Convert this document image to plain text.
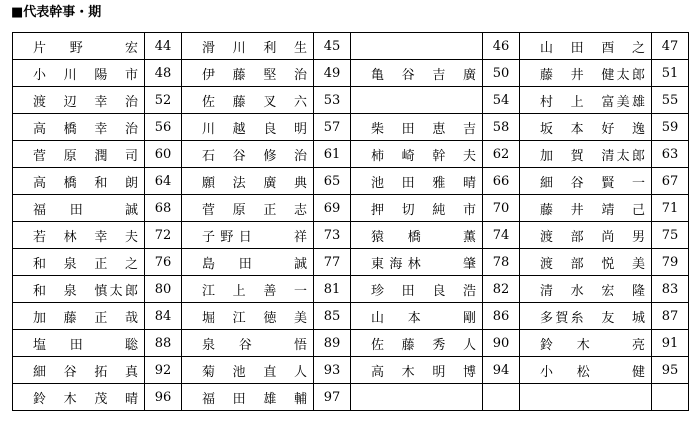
■代表幹事・期
片　野　　宏	44	滑　川　利　生	45		46	山　田　酉　之	47

小　川　陽　市	48	伊　藤　堅　治	49	亀　谷　吉　廣	50	藤　井　健太郎	51

渡　辺　幸　治	52	佐　藤　叉　六	53		54	村　上　富美雄	55

高　橋　幸　治	56	川　越　良　明	57	柴　田　恵　吉	58	坂　本　好　逸	59

菅　原　潤　司	60	石　谷　修　治	61	柿　崎　幹　夫	62	加　賀　清太郎	63

高　橋　和　朗	64	願　法　廣　典	65	池　田　雅　晴	66	細　谷　賢　一	67

福　田　　誠	68	菅　原　正　志	69	押　切　純　市	70	藤　井　靖　己	71

若　林　幸　夫	72	子野日　　祥	73	猿　橋　　薫	74	渡　部　尚　男	75

和　泉　正　之	76	島　田　　誠	77	東海林　　肇	78	渡　部　悦　美	79

和　泉　慎太郎	80	江　上　善　一	81	珍　田　良　浩	82	清　水　宏　隆	83

加　藤　正　哉	84	堀　江　徳　美	85	山　本　　剛	86	多賀糸　友　城	87

塩　田　　聡	88	泉　谷　　悟	89	佐　藤　秀　人	90	鈴　木　　亮	91

細　谷　拓　真	92	菊　池　直　人	93	高　木　明　博	94	小　松　　健	95

鈴　木　茂　晴	96	福　田　雄　輔	97	
